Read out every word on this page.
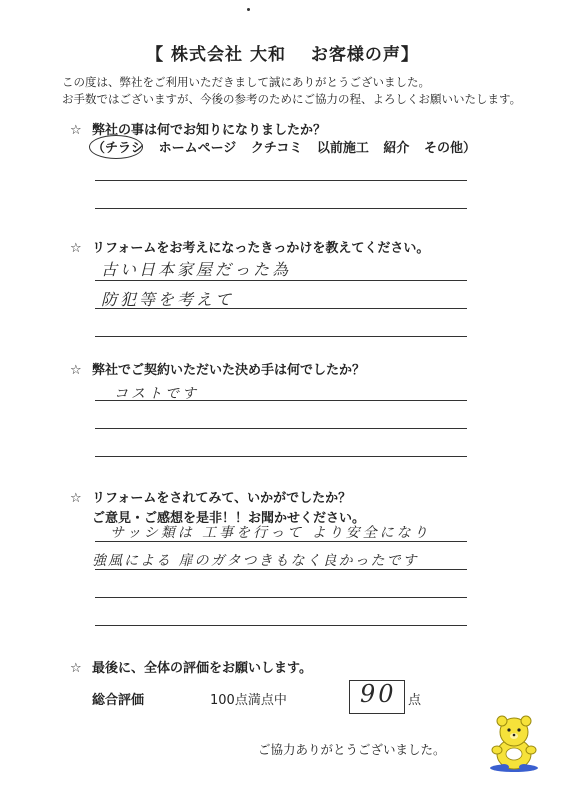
【 株式会社 大和　 お客様の声】
この度は、弊社をご利用いただきまして誠にありがとうございました。
お手数ではございますが、今後の参考のためにご協力の程、よろしくお願いいたします。
☆ 弊社の事は何でお知りになりましたか？
（チラシ ホームページ クチコミ 以前施工 紹介 その他）
☆ リフォームをお考えになったきっかけを教えてください。
古い日本家屋だった為
防犯等を考えて
☆ 弊社でご契約いただいた決め手は何でしたか？
コストです
☆ リフォームをされてみて、いかがでしたか？
ご意見・ご感想を是非！！お聞かせください。
サッシ類は 工事を行って より安全になり
強風による 扉のガタつきもなく良かったです
☆ 最後に、全体の評価をお願いします。
総合評価	100点満点中	90 点
ご協力ありがとうございました。
